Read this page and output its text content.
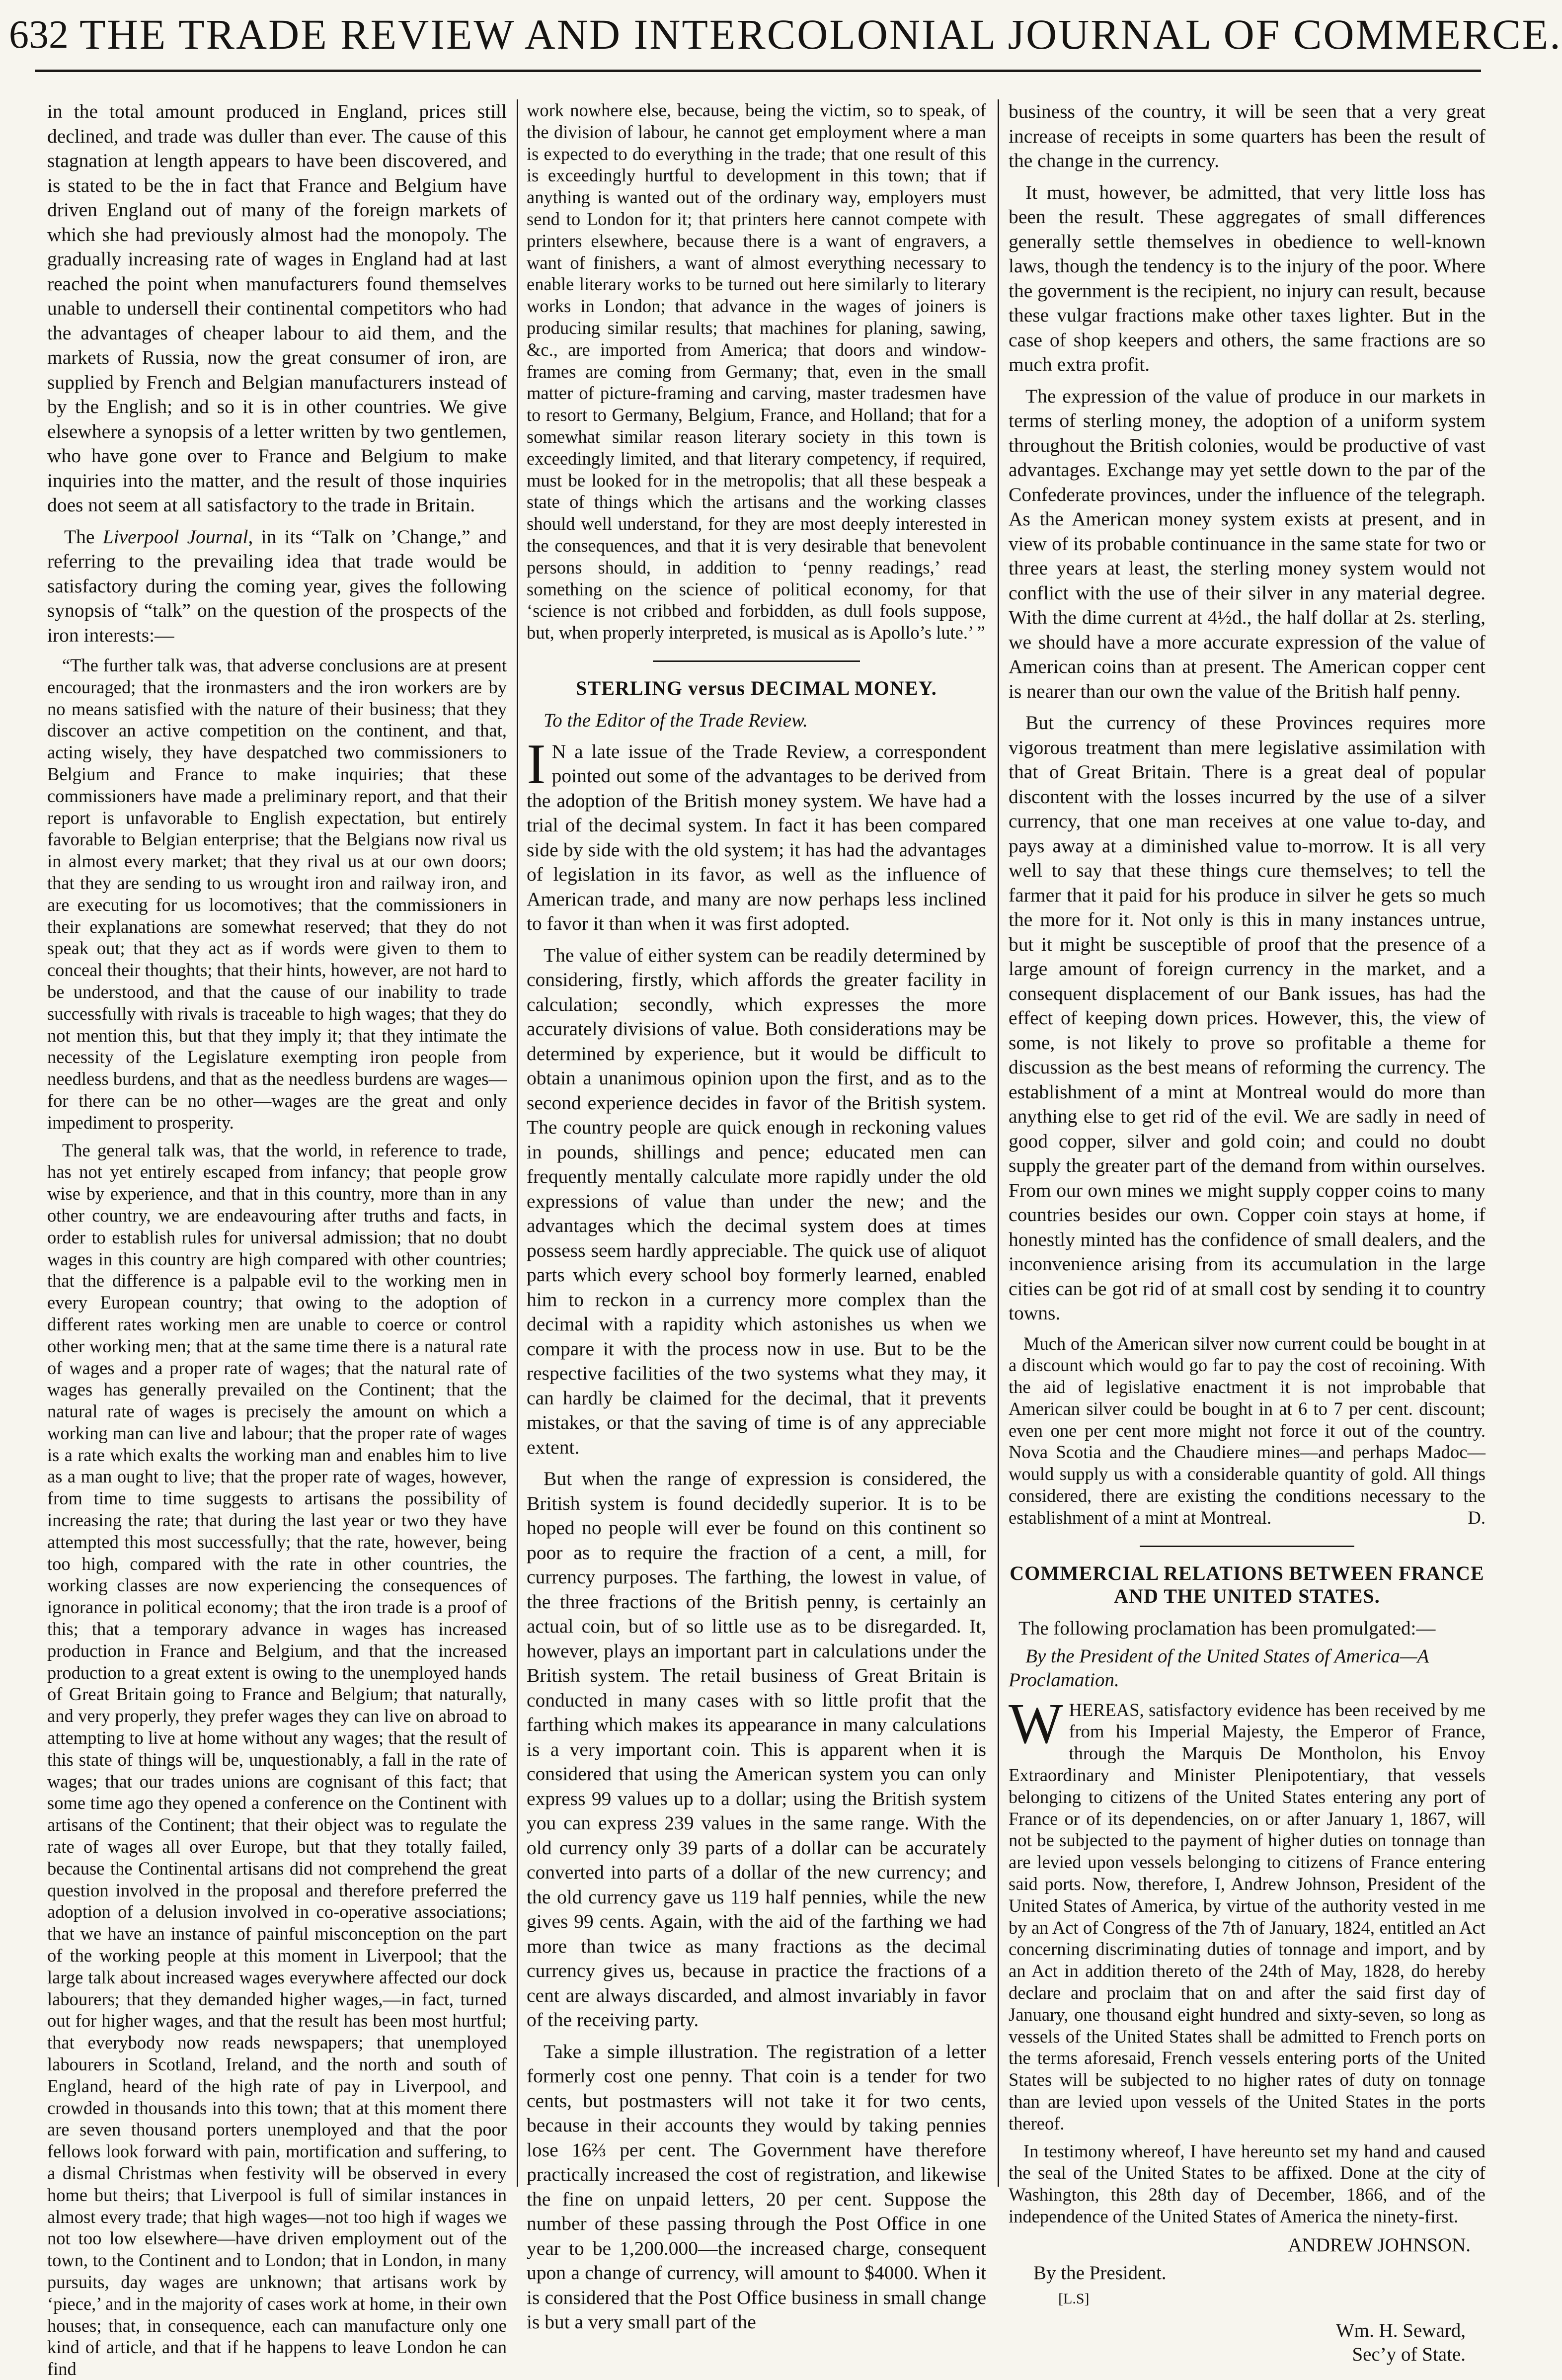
632 THE TRADE REVIEW AND INTERCOLONIAL JOURNAL OF COMMERCE.

in the total amount produced in England, prices still declined, and trade was duller than ever. The cause of this stagnation at length appears to have been discovered, and is stated to be the in fact that France and Belgium have driven England out of many of the foreign markets of which she had previously almost had the monopoly. The gradually increasing rate of wages in England had at last reached the point when manufacturers found themselves unable to undersell their continental competitors who had the advantages of cheaper labour to aid them, and the markets of Russia, now the great consumer of iron, are supplied by French and Belgian manufacturers instead of by the English; and so it is in other countries. We give elsewhere a synopsis of a letter written by two gentlemen, who have gone over to France and Belgium to make inquiries into the matter, and the result of those inquiries does not seem at all satisfactory to the trade in Britain.

The Liverpool Journal, in its “Talk on ’Change,” and referring to the prevailing idea that trade would be satisfactory during the coming year, gives the following synopsis of “talk” on the question of the prospects of the iron interests:—

“The further talk was, that adverse conclusions are at present encouraged; that the ironmasters and the iron workers are by no means satisfied with the nature of their business; that they discover an active competition on the continent, and that, acting wisely, they have despatched two commissioners to Belgium and France to make inquiries; that these commissioners have made a preliminary report, and that their report is unfavorable to English expectation, but entirely favorable to Belgian enterprise; that the Belgians now rival us in almost every market; that they rival us at our own doors; that they are sending to us wrought iron and railway iron, and are executing for us locomotives; that the commissioners in their explanations are somewhat reserved; that they do not speak out; that they act as if words were given to them to conceal their thoughts; that their hints, however, are not hard to be understood, and that the cause of our inability to trade successfully with rivals is traceable to high wages; that they do not mention this, but that they imply it; that they intimate the necessity of the Legislature exempting iron people from needless burdens, and that as the needless burdens are wages—for there can be no other—wages are the great and only impediment to prosperity.

The general talk was, that the world, in reference to trade, has not yet entirely escaped from infancy; that people grow wise by experience, and that in this country, more than in any other country, we are endeavouring after truths and facts, in order to establish rules for universal admission; that no doubt wages in this country are high compared with other countries; that the difference is a palpable evil to the working men in every European country; that owing to the adoption of different rates working men are unable to coerce or control other working men; that at the same time there is a natural rate of wages and a proper rate of wages; that the natural rate of wages has generally prevailed on the Continent; that the natural rate of wages is precisely the amount on which a working man can live and labour; that the proper rate of wages is a rate which exalts the working man and enables him to live as a man ought to live; that the proper rate of wages, however, from time to time suggests to artisans the possibility of increasing the rate; that during the last year or two they have attempted this most successfully; that the rate, however, being too high, compared with the rate in other countries, the working classes are now experiencing the consequences of ignorance in political economy; that the iron trade is a proof of this; that a temporary advance in wages has increased production in France and Belgium, and that the increased production to a great extent is owing to the unemployed hands of Great Britain going to France and Belgium; that naturally, and very properly, they prefer wages they can live on abroad to attempting to live at home without any wages; that the result of this state of things will be, unquestionably, a fall in the rate of wages; that our trades unions are cognisant of this fact; that some time ago they opened a conference on the Continent with artisans of the Continent; that their object was to regulate the rate of wages all over Europe, but that they totally failed, because the Continental artisans did not comprehend the great question involved in the proposal and therefore preferred the adoption of a delusion involved in co-operative associations; that we have an instance of painful misconception on the part of the working people at this moment in Liverpool; that the large talk about increased wages everywhere affected our dock labourers; that they demanded higher wages,—in fact, turned out for higher wages, and that the result has been most hurtful; that everybody now reads newspapers; that unemployed labourers in Scotland, Ireland, and the north and south of England, heard of the high rate of pay in Liverpool, and crowded in thousands into this town; that at this moment there are seven thousand porters unemployed and that the poor fellows look forward with pain, mortification and suffering, to a dismal Christmas when festivity will be observed in every home but theirs; that Liverpool is full of similar instances in almost every trade; that high wages—not too high if wages we not too low elsewhere—have driven employment out of the town, to the Continent and to London; that in London, in many pursuits, day wages are unknown; that artisans work by ‘piece,’ and in the majority of cases work at home, in their own houses; that, in consequence, each can manufacture only one kind of article, and that if he happens to leave London he can find

work nowhere else, because, being the victim, so to speak, of the division of labour, he cannot get employment where a man is expected to do everything in the trade; that one result of this is exceedingly hurtful to development in this town; that if anything is wanted out of the ordinary way, employers must send to London for it; that printers here cannot compete with printers elsewhere, because there is a want of engravers, a want of finishers, a want of almost everything necessary to enable literary works to be turned out here similarly to literary works in London; that advance in the wages of joiners is producing similar results; that machines for planing, sawing, &c., are imported from America; that doors and window-frames are coming from Germany; that, even in the small matter of picture-framing and carving, master tradesmen have to resort to Germany, Belgium, France, and Holland; that for a somewhat similar reason literary society in this town is exceedingly limited, and that literary competency, if required, must be looked for in the metropolis; that all these bespeak a state of things which the artisans and the working classes should well understand, for they are most deeply interested in the consequences, and that it is very desirable that benevolent persons should, in addition to ‘penny readings,’ read something on the science of political economy, for that ‘science is not cribbed and forbidden, as dull fools suppose, but, when properly interpreted, is musical as is Apollo’s lute.’ ”

STERLING versus DECIMAL MONEY.

To the Editor of the Trade Review.

I N a late issue of the Trade Review, a correspondent pointed out some of the advantages to be derived from the adoption of the British money system. We have had a trial of the decimal system. In fact it has been compared side by side with the old system; it has had the advantages of legislation in its favor, as well as the influence of American trade, and many are now perhaps less inclined to favor it than when it was first adopted.

The value of either system can be readily determined by considering, firstly, which affords the greater facility in calculation; secondly, which expresses the more accurately divisions of value. Both considerations may be determined by experience, but it would be difficult to obtain a unanimous opinion upon the first, and as to the second experience decides in favor of the British system. The country people are quick enough in reckoning values in pounds, shillings and pence; educated men can frequently mentally calculate more rapidly under the old expressions of value than under the new; and the advantages which the decimal system does at times possess seem hardly appreciable. The quick use of aliquot parts which every school boy formerly learned, enabled him to reckon in a currency more complex than the decimal with a rapidity which astonishes us when we compare it with the process now in use. But to be the respective facilities of the two systems what they may, it can hardly be claimed for the decimal, that it prevents mistakes, or that the saving of time is of any appreciable extent.

But when the range of expression is considered, the British system is found decidedly superior. It is to be hoped no people will ever be found on this continent so poor as to require the fraction of a cent, a mill, for currency purposes. The farthing, the lowest in value, of the three fractions of the British penny, is certainly an actual coin, but of so little use as to be disregarded. It, however, plays an important part in calculations under the British system. The retail business of Great Britain is conducted in many cases with so little profit that the farthing which makes its appearance in many calculations is a very important coin. This is apparent when it is considered that using the American system you can only express 99 values up to a dollar; using the British system you can express 239 values in the same range. With the old currency only 39 parts of a dollar can be accurately converted into parts of a dollar of the new currency; and the old currency gave us 119 half pennies, while the new gives 99 cents. Again, with the aid of the farthing we had more than twice as many fractions as the decimal currency gives us, because in practice the fractions of a cent are always discarded, and almost invariably in favor of the receiving party.

Take a simple illustration. The registration of a letter formerly cost one penny. That coin is a tender for two cents, but postmasters will not take it for two cents, because in their accounts they would by taking pennies lose 16⅔ per cent. The Government have therefore practically increased the cost of registration, and likewise the fine on unpaid letters, 20 per cent. Suppose the number of these passing through the Post Office in one year to be 1,200.000—the increased charge, consequent upon a change of currency, will amount to $4000. When it is considered that the Post Office business in small change is but a very small part of the

business of the country, it will be seen that a very great increase of receipts in some quarters has been the result of the change in the currency.

It must, however, be admitted, that very little loss has been the result. These aggregates of small differences generally settle themselves in obedience to well-known laws, though the tendency is to the injury of the poor. Where the government is the recipient, no injury can result, because these vulgar fractions make other taxes lighter. But in the case of shop keepers and others, the same fractions are so much extra profit.

The expression of the value of produce in our markets in terms of sterling money, the adoption of a uniform system throughout the British colonies, would be productive of vast advantages. Exchange may yet settle down to the par of the Confederate provinces, under the influence of the telegraph. As the American money system exists at present, and in view of its probable continuance in the same state for two or three years at least, the sterling money system would not conflict with the use of their silver in any material degree. With the dime current at 4½d., the half dollar at 2s. sterling, we should have a more accurate expression of the value of American coins than at present. The American copper cent is nearer than our own the value of the British half penny.

But the currency of these Provinces requires more vigorous treatment than mere legislative assimilation with that of Great Britain. There is a great deal of popular discontent with the losses incurred by the use of a silver currency, that one man receives at one value to-day, and pays away at a diminished value to-morrow. It is all very well to say that these things cure themselves; to tell the farmer that it paid for his produce in silver he gets so much the more for it. Not only is this in many instances untrue, but it might be susceptible of proof that the presence of a large amount of foreign currency in the market, and a consequent displacement of our Bank issues, has had the effect of keeping down prices. However, this, the view of some, is not likely to prove so profitable a theme for discussion as the best means of reforming the currency. The establishment of a mint at Montreal would do more than anything else to get rid of the evil. We are sadly in need of good copper, silver and gold coin; and could no doubt supply the greater part of the demand from within ourselves. From our own mines we might supply copper coins to many countries besides our own. Copper coin stays at home, if honestly minted has the confidence of small dealers, and the inconvenience arising from its accumulation in the large cities can be got rid of at small cost by sending it to country towns.

Much of the American silver now current could be bought in at a discount which would go far to pay the cost of recoining. With the aid of legislative enactment it is not improbable that American silver could be bought in at 6 to 7 per cent. discount; even one per cent more might not force it out of the country. Nova Scotia and the Chaudiere mines—and perhaps Madoc—would supply us with a considerable quantity of gold. All things considered, there are existing the conditions necessary to the establishment of a mint at Montreal.	D.

COMMERCIAL RELATIONS BETWEEN FRANCE AND THE UNITED STATES.

The following proclamation has been promulgated:—

By the President of the United States of America—A Proclamation.

WHEREAS, satisfactory evidence has been received by me from his Imperial Majesty, the Emperor of France, through the Marquis De Montholon, his Envoy Extraordinary and Minister Plenipotentiary, that vessels belonging to citizens of the United States entering any port of France or of its dependencies, on or after January 1, 1867, will not be subjected to the payment of higher duties on tonnage than are levied upon vessels belonging to citizens of France entering said ports. Now, therefore, I, Andrew Johnson, President of the United States of America, by virtue of the authority vested in me by an Act of Congress of the 7th of January, 1824, entitled an Act concerning discriminating duties of tonnage and import, and by an Act in addition thereto of the 24th of May, 1828, do hereby declare and proclaim that on and after the said first day of January, one thousand eight hundred and sixty-seven, so long as vessels of the United States shall be admitted to French ports on the terms aforesaid, French vessels entering ports of the United States will be subjected to no higher rates of duty on tonnage than are levied upon vessels of the United States in the ports thereof.

In testimony whereof, I have hereunto set my hand and caused the seal of the United States to be affixed. Done at the city of Washington, this 28th day of December, 1866, and of the independence of the United States of America the ninety-first.

ANDREW JOHNSON.

By the President.

[L.S]

Wm. H. Seward,

Sec’y of State.
